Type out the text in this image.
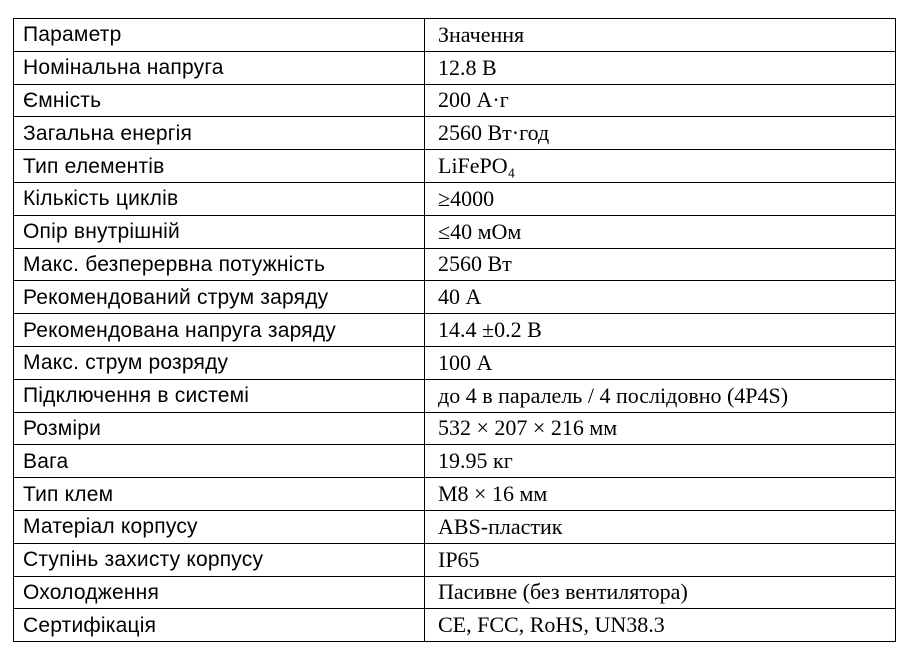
Параметр	Значення
Номінальна напруга	12.8 В
Ємність	200 А·г
Загальна енергія	2560 Вт·год
Тип елементів	LiFePO₄
Кількість циклів	≥4000
Опір внутрішній	≤40 мОм
Макс. безперервна потужність	2560 Вт
Рекомендований струм заряду	40 А
Рекомендована напруга заряду	14.4 ±0.2 В
Макс. струм розряду	100 А
Підключення в системі	до 4 в паралель / 4 послідовно (4P4S)
Розміри	532 × 207 × 216 мм
Вага	19.95 кг
Тип клем	M8 × 16 мм
Матеріал корпусу	ABS-пластик
Ступінь захисту корпусу	IP65
Охолодження	Пасивне (без вентилятора)
Сертифікація	CE, FCC, RoHS, UN38.3
